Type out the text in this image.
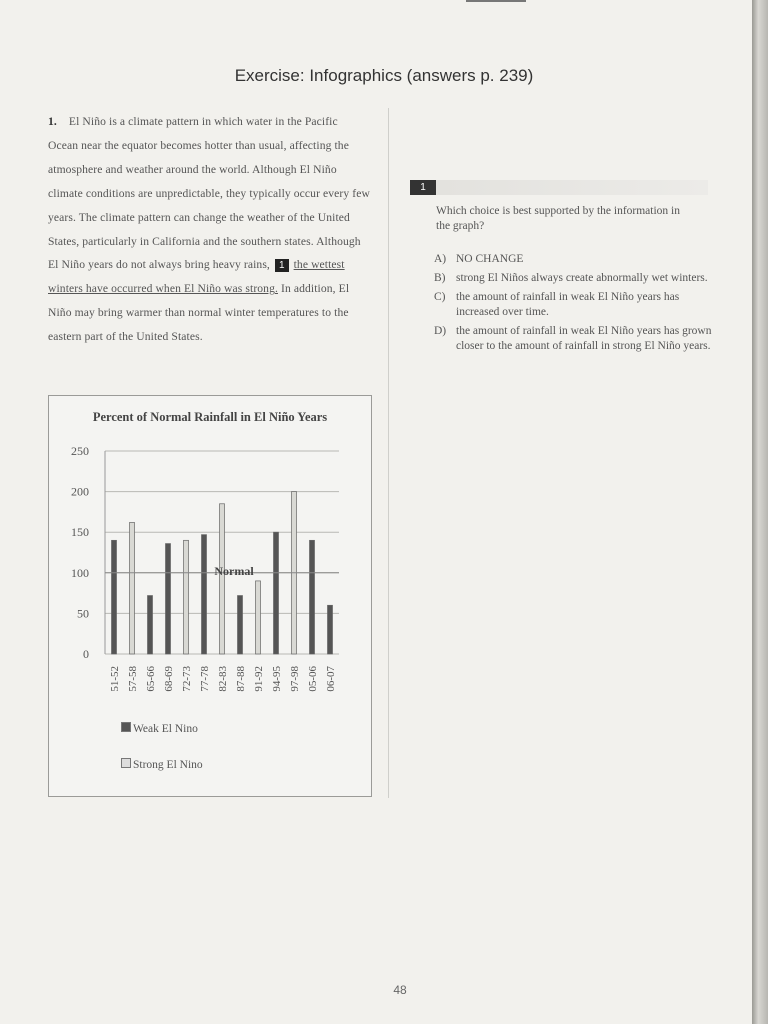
Exercise: Infographics (answers p. 239)

1. El Niño is a climate pattern in which water in the Pacific Ocean near the equator becomes hotter than usual, affecting the atmosphere and weather around the world. Although El Niño climate conditions are unpredictable, they typically occur every few years. The climate pattern can change the weather of the United States, particularly in California and the southern states. Although El Niño years do not always bring heavy rains, 1 the wettest winters have occurred when El Niño was strong. In addition, El Niño may bring warmer than normal winter temperatures to the eastern part of the United States.

Percent of Normal Rainfall in El Niño Years
0
50
100
150
200
250
51-52 57-58 65-66 68-69 72-73 77-78 82-83 87-88 91-92 94-95 97-98 05-06 06-07
Normal
Weak El Nino
Strong El Nino
1
Which choice is best supported by the information in the graph?
A) NO CHANGE
B) strong El Niños always create abnormally wet winters.
C) the amount of rainfall in weak El Niño years has increased over time.
D) the amount of rainfall in weak El Niño years has grown closer to the amount of rainfall in strong El Niño years.
48
